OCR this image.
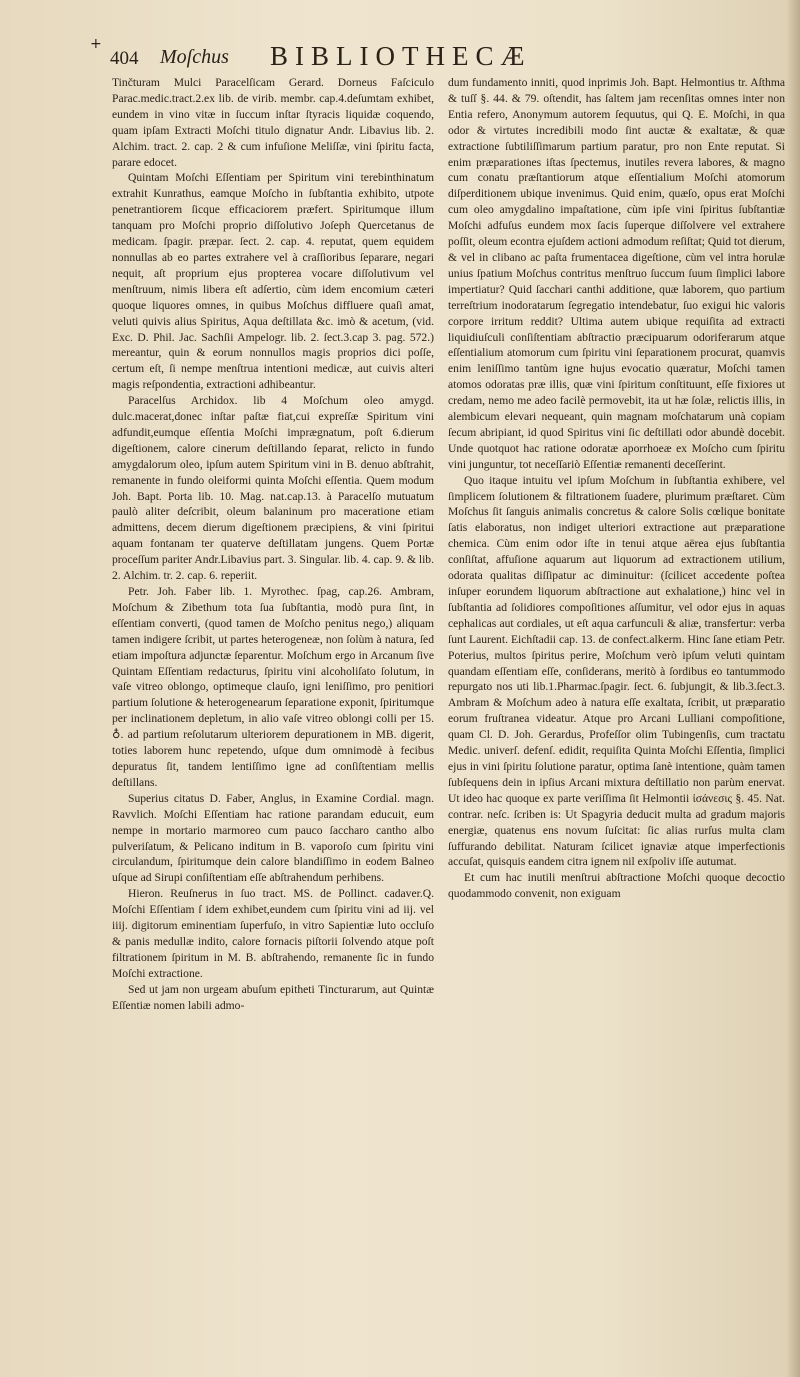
+
404 Moſchus BIBLIOTHECÆ

Tinčturam Mulci Paracelſicam Gerard. Dorneus Faſciculo Parac.medic.tract.2.ex lib. de virib. membr. cap.4.deſumtam exhibet, eundem in vino vitæ in ſuccum inſtar ſtyracis liquidæ coquendo, quam ipſam Extracti Moſchi titulo dignatur Andr. Libavius lib. 2. Alchim. tract. 2. cap. 2 & cum infuſione Meliſſæ, vini ſpiritu facta, parare edocet.

Quintam Moſchi Eſſentiam per Spiritum vini terebinthinatum extrahit Kunrathus, eamque Moſcho in ſubſtantia exhibito, utpote penetrantiorem ſicque efficaciorem præfert. Spiritumque illum tanquam pro Moſchi proprio diſſolutivo Joſeph Quercetanus de medicam. ſpagir. præpar. ſect. 2. cap. 4. reputat, quem equidem nonnullas ab eo partes extrahere vel à craſſioribus ſeparare, negari nequit, aſt proprium ejus propterea vocare diſſolutivum vel menſtruum, nimis libera eſt adſertio, cùm idem encomium cæteri quoque liquores omnes, in quibus Moſchus diffluere quaſi amat, veluti quivis alius Spiritus, Aqua deſtillata &c. imò & acetum, (vid. Exc. D. Phil. Jac. Sachſii Ampelogr. lib. 2. ſect.3.cap 3. pag. 572.) mereantur, quin & eorum nonnullos magis proprios dici poſſe, certum eſt, ſi nempe menſtrua intentioni medicæ, aut cuivis alteri magis reſpondentia, extractioni adhibeantur.

Paracelſus Archidox. lib 4 Moſchum oleo amygd. dulc.macerat,donec inſtar paſtæ fiat,cui expreſſæ Spiritum vini adfundit,eumque eſſentia Moſchi imprægnatum, poſt 6.dierum digeſtionem, calore cinerum deſtillando ſeparat, relicto in fundo amygdalorum oleo, ipſum autem Spiritum vini in B. denuo abſtrahit, remanente in fundo oleiformi quinta Moſchi eſſentia. Quem modum Joh. Bapt. Porta lib. 10. Mag. nat.cap.13. à Paracelſo mutuatum paulò aliter deſcribit, oleum balaninum pro maceratione etiam admittens, decem dierum digeſtionem præcipiens, & vini ſpiritui aquam fontanam ter quaterve deſtillatam jungens. Quem Portæ proceſſum pariter Andr.Libavius part. 3. Singular. lib. 4. cap. 9. & lib. 2. Alchim. tr. 2. cap. 6. reperiit.

Petr. Joh. Faber lib. 1. Myrothec. ſpag, cap.26. Ambram, Moſchum & Zibethum tota ſua ſubſtantia, modò pura ſint, in eſſentiam converti, (quod tamen de Moſcho penitus nego,) aliquam tamen indigere ſcribit, ut partes heterogeneæ, non ſolùm à natura, ſed etiam impoſtura adjunctæ ſeparentur. Moſchum ergo in Arcanum ſive Quintam Eſſentiam redacturus, ſpiritu vini alcoholiſato ſolutum, in vaſe vitreo oblongo, optimeque clauſo, igni leniſſimo, pro penitiori partium ſolutione & heterogenearum ſeparatione exponit, ſpiritumque per inclinationem depletum, in alio vaſe vitreo oblongi colli per 15. ♁. ad partium reſolutarum ulteriorem depurationem in MB. digerit, toties laborem hunc repetendo, uſque dum omnimodè à fecibus depuratus ſit, tandem lentiſſimo igne ad conſiſtentiam mellis deſtillans.

Superius citatus D. Faber, Anglus, in Examine Cordial. magn. Ravvlich. Moſchi Eſſentiam hac ratione parandam educuit, eum nempe in mortario marmoreo cum pauco ſaccharo cantho albo pulveriſatum, & Pelicano inditum in B. vaporoſo cum ſpiritu vini circulandum, ſpiritumque dein calore blandiſſimo in eodem Balneo uſque ad Sirupi conſiſtentiam eſſe abſtrahendum perhibens.

Hieron. Reuſnerus in ſuo tract. MS. de Pollinct. cadaver.Q. Moſchi Eſſentiam ſ idem exhibet,eundem cum ſpiritu vini ad iij. vel iiij. digitorum eminentiam ſuperfuſo, in vitro Sapientiæ luto occluſo & panis medullæ indito, calore fornacis piſtorii ſolvendo atque poſt filtrationem ſpiritum in M. B. abſtrahendo, remanente ſic in fundo Moſchi extractione.

Sed ut jam non urgeam abuſum epitheti Tincturarum, aut Quintæ Eſſentiæ nomen labili admo-

dum fundamento inniti, quod inprimis Joh. Bapt. Helmontius tr. Aſthma & tuſſ §. 44. & 79. oſtendit, has ſaltem jam recenſitas omnes inter non Entia refero, Anonymum autorem ſequutus, qui Q. E. Moſchi, in qua odor & virtutes incredibili modo ſint auctæ & exaltatæ, & quæ extractione ſubtiliſſimarum partium paratur, pro non Ente reputat. Si enim præparationes iſtas ſpectemus, inutiles revera labores, & magno cum conatu præſtantiorum atque eſſentialium Moſchi atomorum diſperditionem ubique invenimus. Quid enim, quæſo, opus erat Moſchi cum oleo amygdalino impaſtatione, cùm ipſe vini ſpiritus ſubſtantiæ Moſchi adfuſus eundem mox ſacis ſuperque diſſolvere vel extrahere poſſit, oleum econtra ejuſdem actioni admodum reſiſtat; Quid tot dierum, & vel in clibano ac paſta frumentacea digeſtione, cùm vel intra horulæ unius ſpatium Moſchus contritus menſtruo ſuccum ſuum ſimplici labore impertiatur? Quid ſacchari canthi additione, quæ laborem, quo partium terreſtrium inodoratarum ſegregatio intendebatur, ſuo exigui hic valoris corpore irritum reddit? Ultima autem ubique requiſita ad extracti liquidiuſculi conſiſtentiam abſtractio præcipuarum odoriferarum atque eſſentialium atomorum cum ſpiritu vini ſeparationem procurat, quamvis enim leniſſimo tantùm igne hujus evocatio quæratur, Moſchi tamen atomos odoratas præ illis, quæ vini ſpiritum conſtituunt, eſſe fixiores ut credam, nemo me adeo facilè permovebit, ita ut hæ ſolæ, relictis illis, in alembicum elevari nequeant, quin magnam moſchatarum unà copiam ſecum abripiant, id quod Spiritus vini ſic deſtillati odor abundè docebit. Unde quotquot hac ratione odoratæ aporrhoeæ ex Moſcho cum ſpiritu vini junguntur, tot neceſſariò Eſſentiæ remanenti deceſſerint.

Quo itaque intuitu vel ipſum Moſchum in ſubſtantia exhibere, vel ſimplicem ſolutionem & filtrationem ſuadere, plurimum præſtaret. Cùm Moſchus ſit ſanguis animalis concretus & calore Solis cœlique bonitate ſatis elaboratus, non indiget ulteriori extractione aut præparatione chemica. Cùm enim odor iſte in tenui atque aërea ejus ſubſtantia conſiſtat, affuſione aquarum aut liquorum ad extractionem utilium, odorata qualitas diſſipatur ac diminuitur: (ſcilicet accedente poſtea inſuper eorundem liquorum abſtractione aut exhalatione,) hinc vel in ſubſtantia ad ſolidiores compoſitiones aſſumitur, vel odor ejus in aquas cephalicas aut cordiales, ut eſt aqua carfunculi & aliæ, transfertur: verba ſunt Laurent. Eichſtadii cap. 13. de confect.alkerm. Hinc ſane etiam Petr. Poterius, multos ſpiritus perire, Moſchum verò ipſum veluti quintam quandam eſſentiam eſſe, conſiderans, meritò à ſordibus eo tantummodo repurgato nos uti lib.1.Pharmac.ſpagir. ſect. 6. ſubjungit, & lib.3.ſect.3. Ambram & Moſchum adeo à natura eſſe exaltata, ſcribit, ut præparatio eorum fruſtranea videatur. Atque pro Arcani Lulliani compoſitione, quam Cl. D. Joh. Gerardus, Profeſſor olim Tubingenſis, cum tractatu Medic. univerſ. defenſ. edidit, requiſita Quinta Moſchi Eſſentia, ſimplici ejus in vini ſpiritu ſolutione paratur, optima ſanè intentione, quàm tamen ſubſequens dein in ipſius Arcani mixtura deſtillatio non parùm enervat. Ut ideo hac quoque ex parte veriſſima ſit Helmontii ἰσάνεσις §. 45. Nat. contrar. neſc. ſcriben is: Ut Spagyria deducit multa ad gradum majoris energiæ, quatenus ens novum ſuſcitat: ſic alias rurſus multa clam ſuffurando debilitat. Naturam ſcilicet ignaviæ atque imperfectionis accuſat, quisquis eandem citra ignem nil exſpoliv iſſe autumat.

Et cum hac inutili menſtrui abſtractione Moſchi quoque decoctio quodammodo convenit, non exiguam
